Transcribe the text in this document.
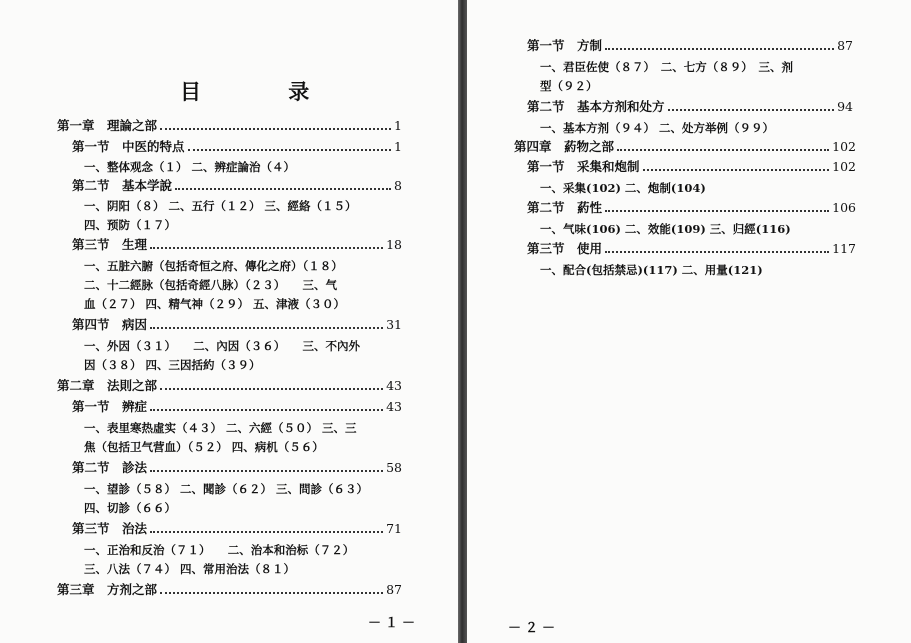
目 录
第一章　理論之部	1
第一节　中医的特点	1
一、整体观念（１） 二、辨症論治（４）
第二节　基本学說	8
一、阴阳（８） 二、五行（１２） 三、經絡（１５）
四、预防（１７）
第三节　生理	18
一、五脏六腑（包括奇恒之府、傳化之府）（１８）
二、十二經脉（包括奇經八脉）（２３）　　三、气
血（２７） 四、精气神（２９） 五、津液（３０）
第四节　病因	31
一、外因（３１）　　二、內因（３６）　　三、不內外
因（３８） 四、三因括約（３９）
第二章　法則之部	43
第一节　辨症	43
一、表里寒热虛实（４３） 二、六經（５０） 三、三
焦（包括卫气营血）（５２） 四、病机（５６）
第二节　診法	58
一、望診（５８） 二、聞診（６２） 三、問診（６３）
四、切診（６６）
第三节　治法	71
一、正治和反治（７１）　　二、治本和治标（７２）
三、八法（７４） 四、常用治法（８１）
第三章　方剂之部	87
第一节　方制	87
一、君臣佐使（８７）　二、七方（８９）　三、剂
型（９２）
第二节　基本方剂和处方	94
一、基本方剂（９４） 二、处方举例（９９）
第四章　葯物之部	102
第一节　采集和炮制	102
一、采集(102) 二、炮制(104)
第二节　葯性	106
一、气味(106) 二、效能(109) 三、归經(116)
第三节　使用	117
一、配合(包括禁忌)(117) 二、用量(121)
－１－	－２－
